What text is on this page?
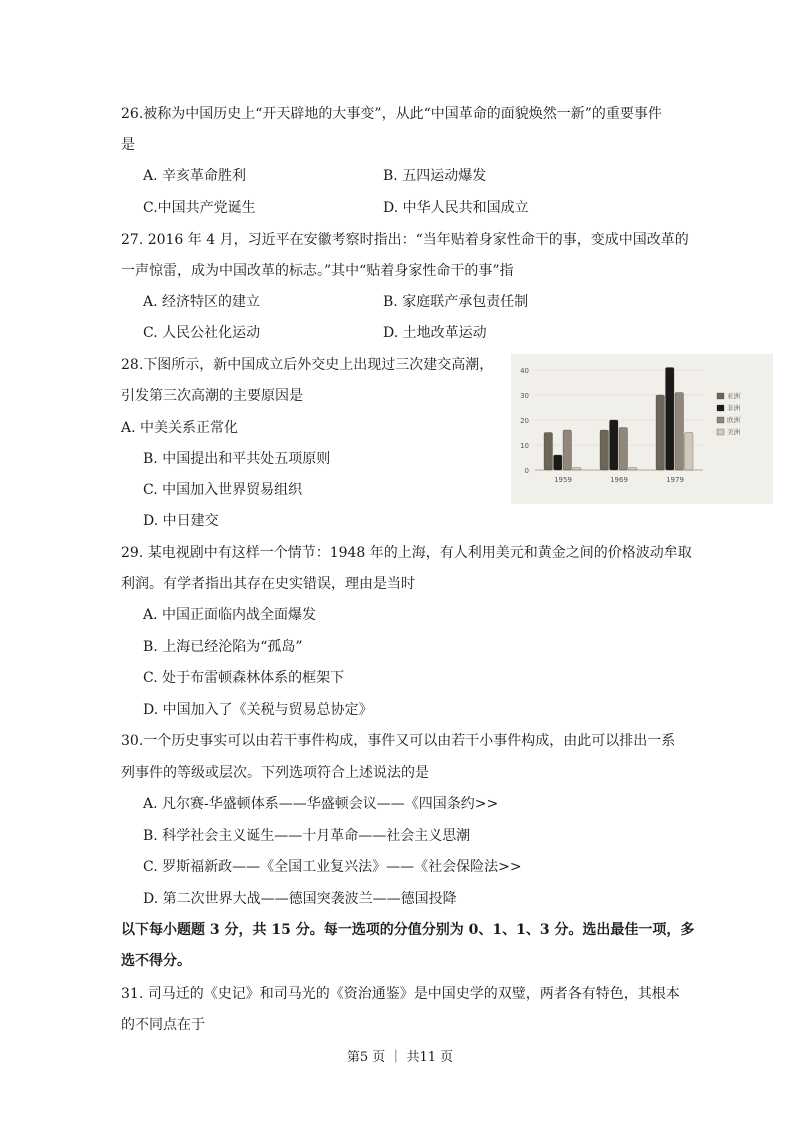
26.被称为中国历史上“开天辟地的大事变”，从此“中国革命的面貌焕然一新”的重要事件
是
A. 辛亥革命胜利	B. 五四运动爆发
C.中国共产党诞生	D. 中华人民共和国成立
27. 2016 年 4 月，习近平在安徽考察时指出：“当年贴着身家性命干的事，变成中国改革的
一声惊雷，成为中国改革的标志。”其中“贴着身家性命干的事”指
A. 经济特区的建立	B. 家庭联产承包责任制
C. 人民公社化运动	D. 土地改革运动
28.下图所示，新中国成立后外交史上出现过三次建交高潮，
引发第三次高潮的主要原因是
A. 中美关系正常化
B. 中国提出和平共处五项原则
C. 中国加入世界贸易组织
D. 中日建交
0
10
20
30
40
1959	1969	1979
亚洲
非洲
欧洲
美洲
29. 某电视剧中有这样一个情节：1948 年的上海，有人利用美元和黄金之间的价格波动牟取
利润。有学者指出其存在史实错误，理由是当时
A. 中国正面临内战全面爆发
B. 上海已经沦陷为“孤岛”
C. 处于布雷顿森林体系的框架下
D. 中国加入了《关税与贸易总协定》
30.一个历史事实可以由若干事件构成，事件又可以由若干小事件构成，由此可以排出一系
列事件的等级或层次。下列选项符合上述说法的是
A. 凡尔赛-华盛顿体系——华盛顿会议——《四国条约>>
B. 科学社会主义诞生——十月革命——社会主义思潮
C. 罗斯福新政——《全国工业复兴法》——《社会保险法>>
D. 第二次世界大战——德国突袭波兰——德国投降
以下每小题题 3 分，共 15 分。每一选项的分值分别为 0、1、1、3 分。选出最佳一项，多
选不得分。
31. 司马迁的《史记》和司马光的《资治通鉴》是中国史学的双璧，两者各有特色，其根本
的不同点在于
第5 页 ｜ 共11 页
